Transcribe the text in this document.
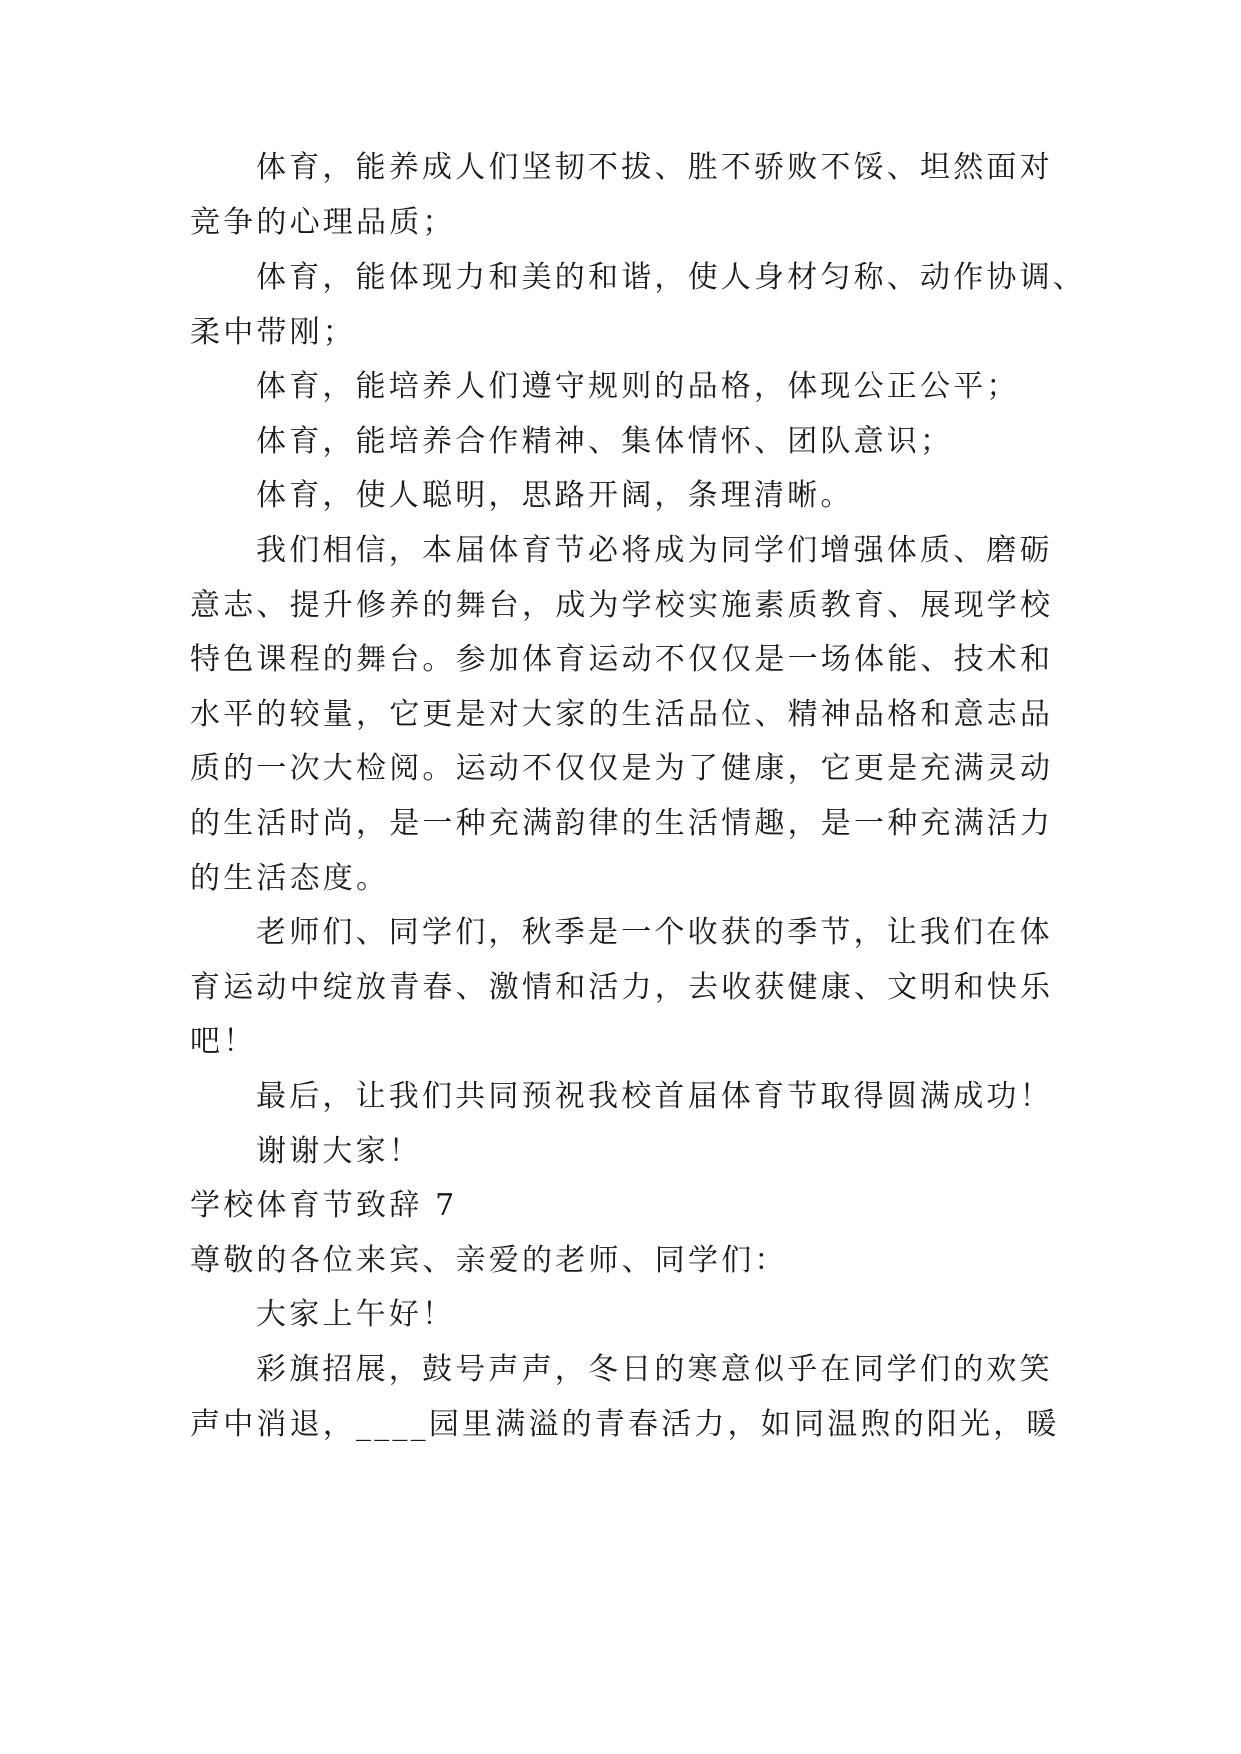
体育，能养成人们坚韧不拔、胜不骄败不馁、坦然面对
竞争的心理品质；
体育，能体现力和美的和谐，使人身材匀称、动作协调、
柔中带刚；
体育，能培养人们遵守规则的品格，体现公正公平；
体育，能培养合作精神、集体情怀、团队意识；
体育，使人聪明，思路开阔，条理清晰。
我们相信，本届体育节必将成为同学们增强体质、磨砺
意志、提升修养的舞台，成为学校实施素质教育、展现学校
特色课程的舞台。参加体育运动不仅仅是一场体能、技术和
水平的较量，它更是对大家的生活品位、精神品格和意志品
质的一次大检阅。运动不仅仅是为了健康，它更是充满灵动
的生活时尚，是一种充满韵律的生活情趣，是一种充满活力
的生活态度。
老师们、同学们，秋季是一个收获的季节，让我们在体
育运动中绽放青春、激情和活力，去收获健康、文明和快乐
吧！
最后，让我们共同预祝我校首届体育节取得圆满成功！
谢谢大家！
学校体育节致辞 7
尊敬的各位来宾、亲爱的老师、同学们：
大家上午好！
彩旗招展，鼓号声声，冬日的寒意似乎在同学们的欢笑
声中消退，____园里满溢的青春活力，如同温煦的阳光，暖
